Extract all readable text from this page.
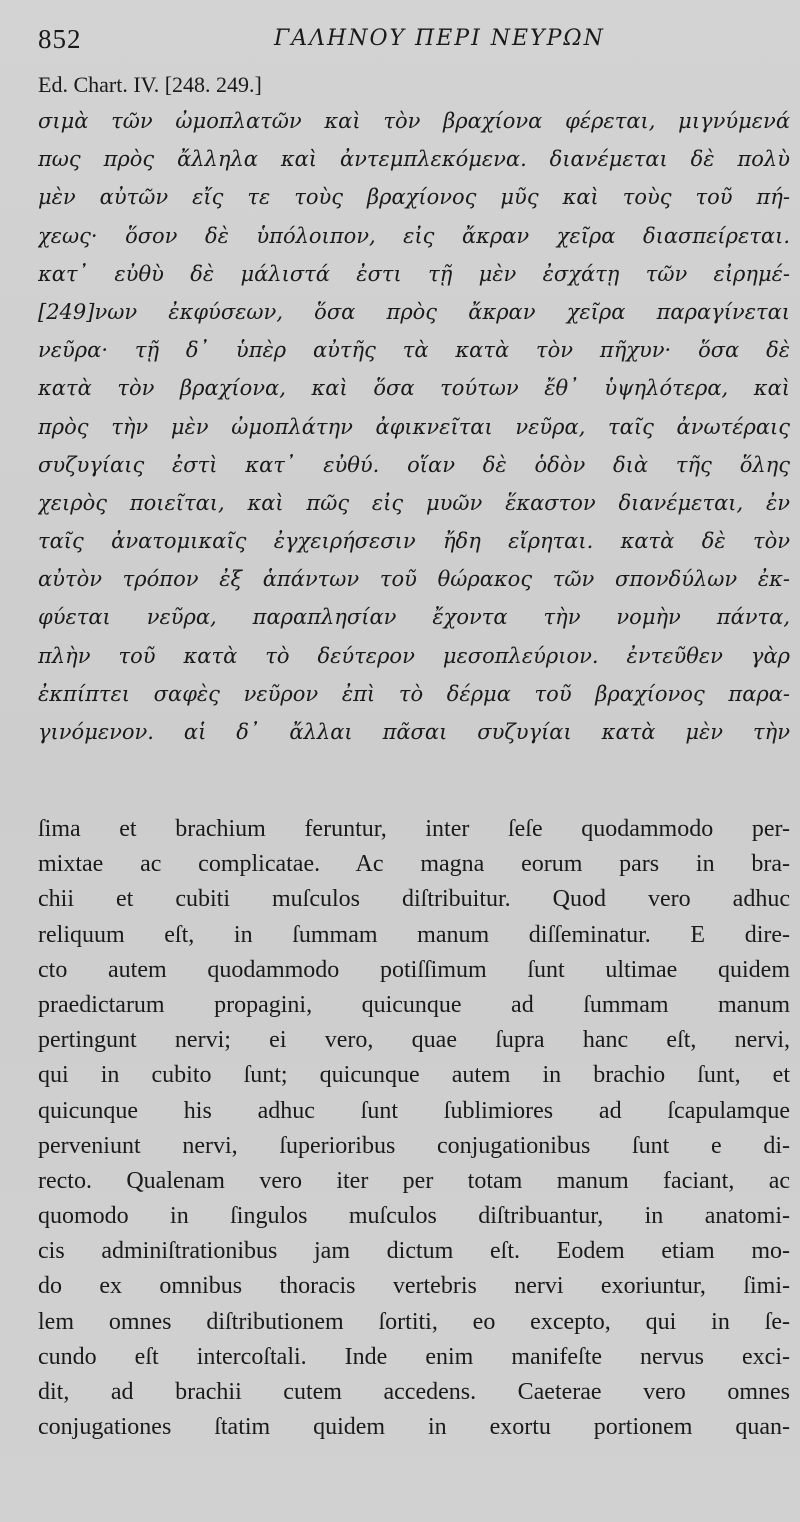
852	ΓΑΛΗΝΟΥ ΠΕΡΙ ΝΕΥΡΩΝ
Ed. Chart. IV. [248. 249.]
σιμὰ τῶν ὠμοπλατῶν καὶ τὸν βραχίονα φέρεται, μιγνύμενά
πως πρὸς ἄλληλα καὶ ἀντεμπλεκόμενα. διανέμεται δὲ πολὺ
μὲν αὐτῶν εἴς τε τοὺς βραχίονος μῦς καὶ τοὺς τοῦ πή-
χεως· ὅσον δὲ ὑπόλοιπον, εἰς ἄκραν χεῖρα διασπείρεται.
κατ᾽ εὐθὺ δὲ μάλιστά ἐστι τῇ μὲν ἐσχάτῃ τῶν εἰρημέ-
[249]νων ἐκφύσεων, ὅσα πρὸς ἄκραν χεῖρα παραγίνεται
νεῦρα· τῇ δ᾽ ὑπὲρ αὐτῆς τὰ κατὰ τὸν πῆχυν· ὅσα δὲ
κατὰ τὸν βραχίονα, καὶ ὅσα τούτων ἔθ᾽ ὑψηλότερα, καὶ
πρὸς τὴν μὲν ὠμοπλάτην ἀφικνεῖται νεῦρα, ταῖς ἀνωτέραις
συζυγίαις ἐστὶ κατ᾽ εὐθύ. οἵαν δὲ ὁδὸν διὰ τῆς ὅλης
χειρὸς ποιεῖται, καὶ πῶς εἰς μυῶν ἕκαστον διανέμεται, ἐν
ταῖς ἀνατομικαῖς ἐγχειρήσεσιν ἤδη εἴρηται. κατὰ δὲ τὸν
αὐτὸν τρόπον ἐξ ἁπάντων τοῦ θώρακος τῶν σπονδύλων ἐκ-
φύεται νεῦρα, παραπλησίαν ἔχοντα τὴν νομὴν πάντα,
πλὴν τοῦ κατὰ τὸ δεύτερον μεσοπλεύριον. ἐντεῦθεν γὰρ
ἐκπίπτει σαφὲς νεῦρον ἐπὶ τὸ δέρμα τοῦ βραχίονος παρα-
γινόμενον. αἱ δ᾽ ἄλλαι πᾶσαι συζυγίαι κατὰ μὲν τὴν
ſima et brachium feruntur, inter ſeſe quodammodo per-
mixtae ac complicatae. Ac magna eorum pars in bra-
chii et cubiti muſculos diſtribuitur. Quod vero adhuc
reliquum eſt, in ſummam manum diſſeminatur. E dire-
cto autem quodammodo potiſſimum ſunt ultimae quidem
praedictarum propagini, quicunque ad ſummam manum
pertingunt nervi; ei vero, quae ſupra hanc eſt, nervi,
qui in cubito ſunt; quicunque autem in brachio ſunt, et
quicunque his adhuc ſunt ſublimiores ad ſcapulamque
perveniunt nervi, ſuperioribus conjugationibus ſunt e di-
recto. Qualenam vero iter per totam manum faciant, ac
quomodo in ſingulos muſculos diſtribuantur, in anatomi-
cis adminiſtrationibus jam dictum eſt. Eodem etiam mo-
do ex omnibus thoracis vertebris nervi exoriuntur, ſimi-
lem omnes diſtributionem ſortiti, eo excepto, qui in ſe-
cundo eſt intercoſtali. Inde enim manifeſte nervus exci-
dit, ad brachii cutem accedens. Caeterae vero omnes
conjugationes ſtatim quidem in exortu portionem quan-
